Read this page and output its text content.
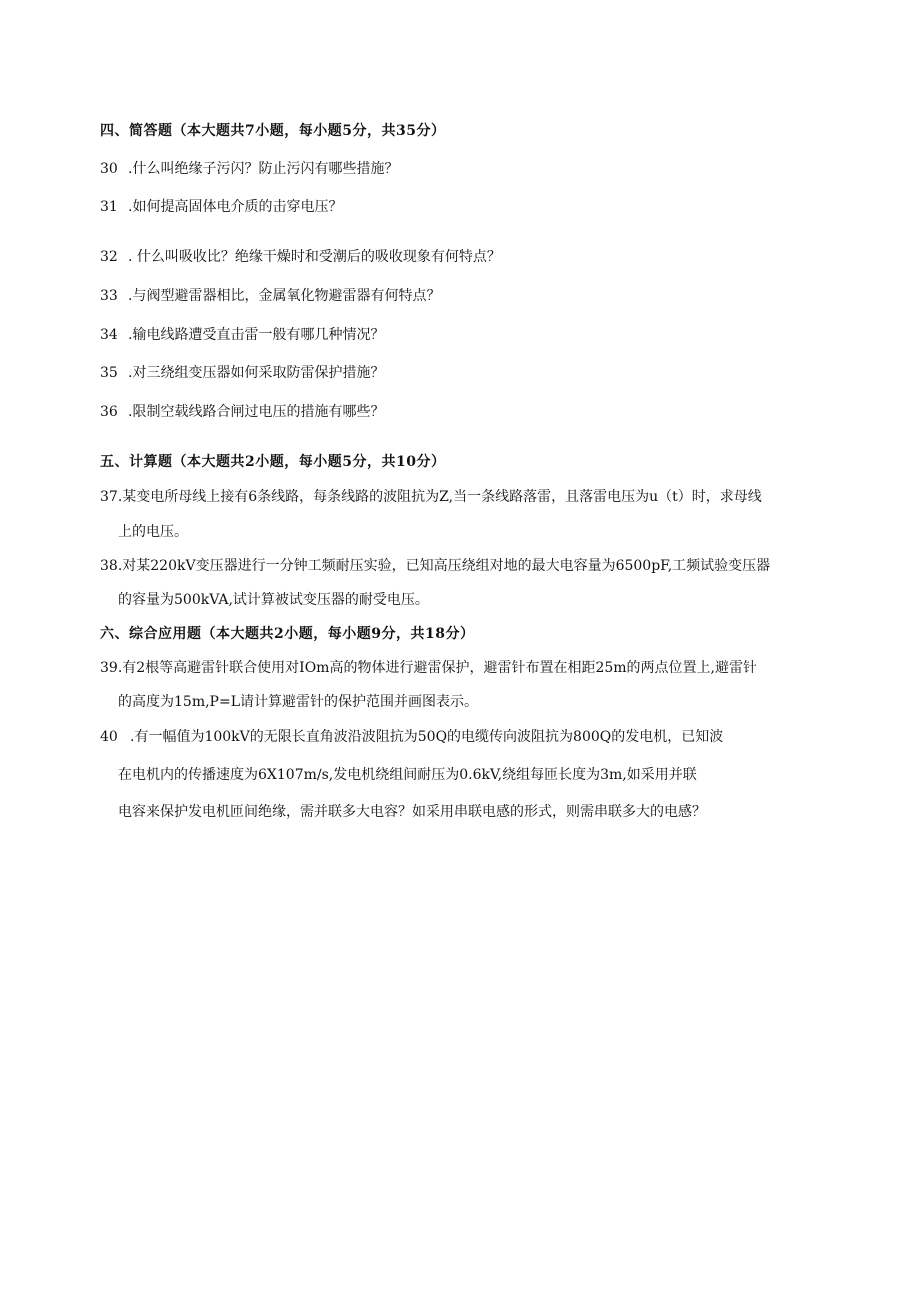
四、简答题（本大题共7小题，每小题5分，共35分）
30 .什么叫绝缘子污闪？防止污闪有哪些措施？
31 .如何提高固体电介质的击穿电压？
32 . 什么叫吸收比？绝缘干燥时和受潮后的吸收现象有何特点？
33 .与阀型避雷器相比，金属氧化物避雷器有何特点？
34 .输电线路遭受直击雷一般有哪几种情况？
35 .对三绕组变压器如何采取防雷保护措施？
36 .限制空载线路合闸过电压的措施有哪些？
五、计算题（本大题共2小题，每小题5分，共10分）
37.某变电所母线上接有6条线路，每条线路的波阻抗为Z,当一条线路落雷，且落雷电压为u（t）时，求母线
上的电压。
38.对某220kV变压器进行一分钟工频耐压实验，已知高压绕组对地的最大电容量为6500pF,工频试验变压器
的容量为500kVA,试计算被试变压器的耐受电压。
六、综合应用题（本大题共2小题，每小题9分，共18分）
39.有2根等高避雷针联合使用对IOm高的物体进行避雷保护，避雷针布置在相距25m的两点位置上,避雷针
的高度为15m,P=L请计算避雷针的保护范围并画图表示。
40 .有一幅值为100kV的无限长直角波沿波阻抗为50Q的电缆传向波阻抗为800Q的发电机，已知波
在电机内的传播速度为6X107m∕s,发电机绕组间耐压为0.6kV,绕组每匝长度为3m,如采用并联
电容来保护发电机匝间绝缘，需并联多大电容？如采用串联电感的形式，则需串联多大的电感？
